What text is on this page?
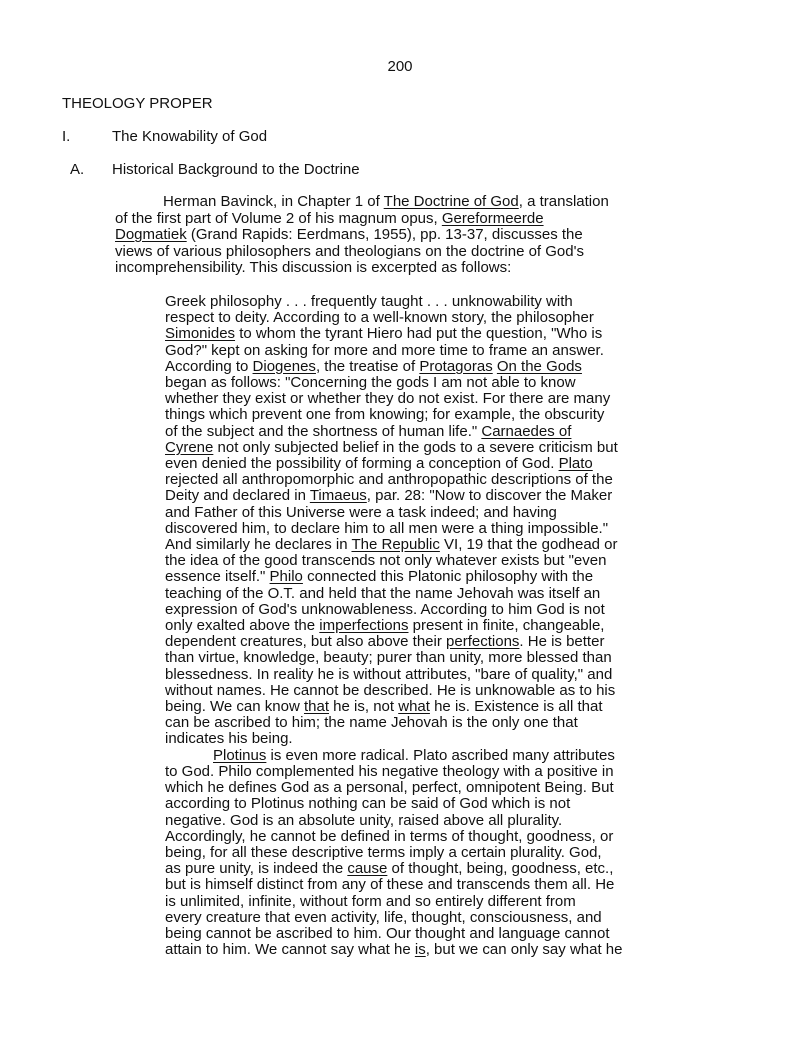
200
THEOLOGY PROPER
I.	The Knowability of God
A. Historical Background to the Doctrine
Herman Bavinck, in Chapter 1 of The Doctrine of God, a translation
of the first part of Volume 2 of his magnum opus, Gereformeerde
Dogmatiek (Grand Rapids: Eerdmans, 1955), pp. 13-37, discusses the
views of various philosophers and theologians on the doctrine of God's
incomprehensibility. This discussion is excerpted as follows:
Greek philosophy . . . frequently taught . . . unknowability with
respect to deity. According to a well-known story, the philosopher
Simonides to whom the tyrant Hiero had put the question, "Who is
God?" kept on asking for more and more time to frame an answer.
According to Diogenes, the treatise of Protagoras On the Gods
began as follows: "Concerning the gods I am not able to know
whether they exist or whether they do not exist. For there are many
things which prevent one from knowing; for example, the obscurity
of the subject and the shortness of human life." Carnaedes of
Cyrene not only subjected belief in the gods to a severe criticism but
even denied the possibility of forming a conception of God. Plato
rejected all anthropomorphic and anthropopathic descriptions of the
Deity and declared in Timaeus, par. 28: "Now to discover the Maker
and Father of this Universe were a task indeed; and having
discovered him, to declare him to all men were a thing impossible."
And similarly he declares in The Republic VI, 19 that the godhead or
the idea of the good transcends not only whatever exists but "even
essence itself." Philo connected this Platonic philosophy with the
teaching of the O.T. and held that the name Jehovah was itself an
expression of God's unknowableness. According to him God is not
only exalted above the imperfections present in finite, changeable,
dependent creatures, but also above their perfections. He is better
than virtue, knowledge, beauty; purer than unity, more blessed than
blessedness. In reality he is without attributes, "bare of quality," and
without names. He cannot be described. He is unknowable as to his
being. We can know that he is, not what he is. Existence is all that
can be ascribed to him; the name Jehovah is the only one that
indicates his being.
Plotinus is even more radical. Plato ascribed many attributes
to God. Philo complemented his negative theology with a positive in
which he defines God as a personal, perfect, omnipotent Being. But
according to Plotinus nothing can be said of God which is not
negative. God is an absolute unity, raised above all plurality.
Accordingly, he cannot be defined in terms of thought, goodness, or
being, for all these descriptive terms imply a certain plurality. God,
as pure unity, is indeed the cause of thought, being, goodness, etc.,
but is himself distinct from any of these and transcends them all. He
is unlimited, infinite, without form and so entirely different from
every creature that even activity, life, thought, consciousness, and
being cannot be ascribed to him. Our thought and language cannot
attain to him. We cannot say what he is, but we can only say what he
